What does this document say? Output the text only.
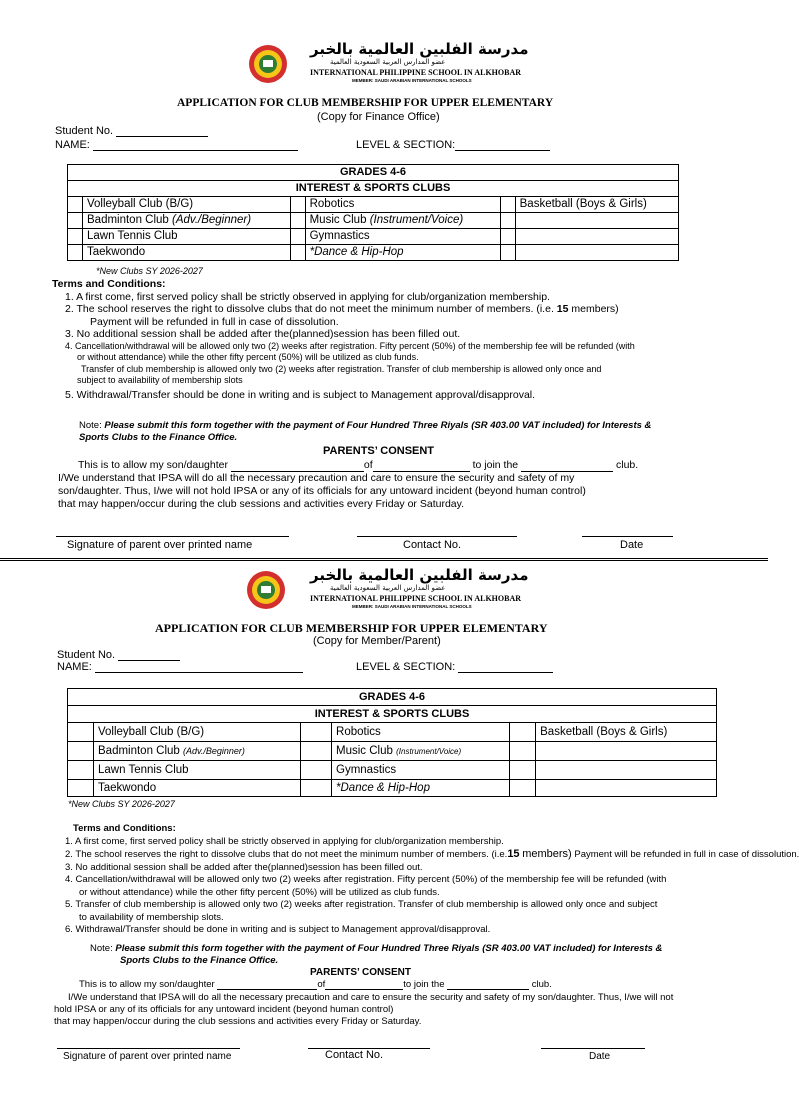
مدرسة الفلبين العالمية بالخبر
عضو المدارس العربية السعودية العالمية
INTERNATIONAL PHILIPPINE SCHOOL IN ALKHOBAR
MEMBER: SAUDI ARABIAN INTERNATIONAL SCHOOLS
APPLICATION FOR CLUB MEMBERSHIP FOR UPPER ELEMENTARY
(Copy for Finance Office)
Student No.
NAME:	LEVEL & SECTION:
GRADES 4-6					
INTEREST & SPORTS CLUBS					
	Volleyball Club (B/G)		Robotics		Basketball (Boys & Girls)
	Badminton Club (Adv./Beginner)		Music Club (Instrument/Voice)		
	Lawn Tennis Club		Gymnastics		
	Taekwondo		*Dance & Hip-Hop		
*New Clubs SY 2026-2027
Terms and Conditions:
1. A first come, first served policy shall be strictly observed in applying for club/organization membership.
2. The school reserves the right to dissolve clubs that do not meet the minimum number of members. (i.e. 15 members)
Payment will be refunded in full in case of dissolution.
3. No additional session shall be added after the(planned)session has been filled out.
4. Cancellation/withdrawal will be allowed only two (2) weeks after registration. Fifty percent (50%) of the membership fee will be refunded (with
or without attendance) while the other fifty percent (50%) will be utilized as club funds.
Transfer of club membership is allowed only two (2) weeks after registration. Transfer of club membership is allowed only once and
subject to availability of membership slots
5. Withdrawal/Transfer should be done in writing and is subject to Management approval/disapproval.
Note: Please submit this form together with the payment of Four Hundred Three Riyals (SR 403.00 VAT included) for Interests &
Sports Clubs to the Finance Office.
PARENTS’ CONSENT
This is to allow my son/daughter	of	to join the	club.
I/We understand that IPSA will do all the necessary precaution and care to ensure the security and safety of my
son/daughter. Thus, I/we will not hold IPSA or any of its officials for any untoward incident (beyond human control)
that may happen/occur during the club sessions and activities every Friday or Saturday.
Signature of parent over printed name	Contact No.	Date
مدرسة الفلبين العالمية بالخبر
عضو المدارس العربية السعودية العالمية
INTERNATIONAL PHILIPPINE SCHOOL IN ALKHOBAR
MEMBER: SAUDI ARABIAN INTERNATIONAL SCHOOLS
APPLICATION FOR CLUB MEMBERSHIP FOR UPPER ELEMENTARY
(Copy for Member/Parent)
Student No.
NAME:	LEVEL & SECTION:
GRADES 4-6					
INTEREST & SPORTS CLUBS					
	Volleyball Club (B/G)		Robotics		Basketball (Boys & Girls)
	Badminton Club (Adv./Beginner)		Music Club (Instrument/Voice)		
	Lawn Tennis Club		Gymnastics		
	Taekwondo		*Dance & Hip-Hop		
*New Clubs SY 2026-2027
Terms and Conditions:
1. A first come, first served policy shall be strictly observed in applying for club/organization membership.
2. The school reserves the right to dissolve clubs that do not meet the minimum number of members. (i.e.15 members) Payment will be refunded in full in case of dissolution.
3. No additional session shall be added after the(planned)session has been filled out.
4. Cancellation/withdrawal will be allowed only two (2) weeks after registration. Fifty percent (50%) of the membership fee will be refunded (with
or without attendance) while the other fifty percent (50%) will be utilized as club funds.
5. Transfer of club membership is allowed only two (2) weeks after registration. Transfer of club membership is allowed only once and subject
to availability of membership slots.
6. Withdrawal/Transfer should be done in writing and is subject to Management approval/disapproval.
Note: Please submit this form together with the payment of Four Hundred Three Riyals (SR 403.00 VAT included) for Interests &
Sports Clubs to the Finance Office.
PARENTS’ CONSENT
This is to allow my son/daughter	of	to join the	club.
I/We understand that IPSA will do all the necessary precaution and care to ensure the security and safety of my son/daughter. Thus, I/we will not
hold IPSA or any of its officials for any untoward incident (beyond human control)
that may happen/occur during the club sessions and activities every Friday or Saturday.
Signature of parent over printed name	Contact No.	Date
